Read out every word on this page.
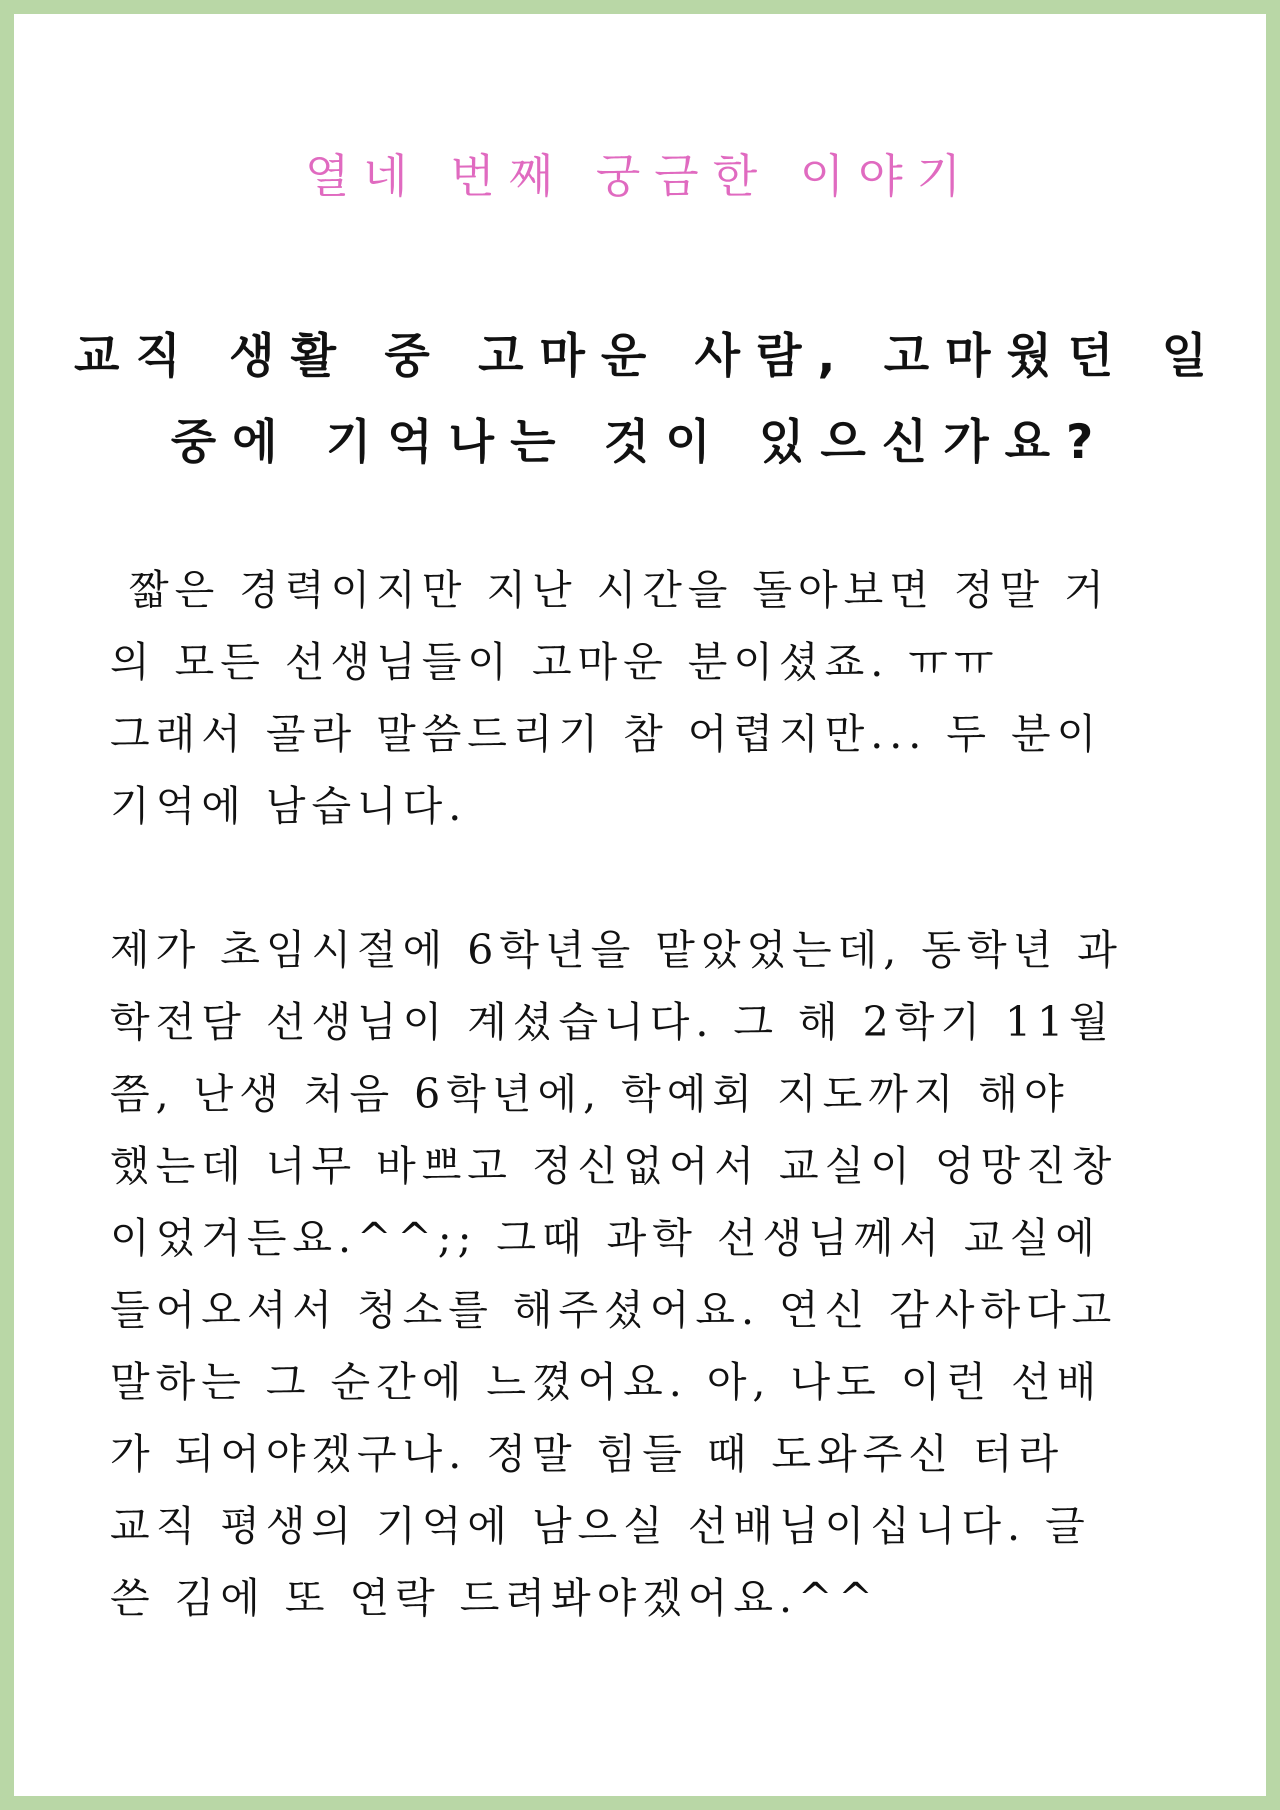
열네 번째 궁금한 이야기
교직 생활 중 고마운 사람, 고마웠던 일
중에 기억나는 것이 있으신가요?
짧은 경력이지만 지난 시간을 돌아보면 정말 거
의 모든 선생님들이 고마운 분이셨죠. ㅠㅠ
그래서 골라 말씀드리기 참 어렵지만... 두 분이
기억에 남습니다.
제가 초임시절에 6학년을 맡았었는데, 동학년 과
학전담 선생님이 계셨습니다. 그 해 2학기 11월
쯤, 난생 처음 6학년에, 학예회 지도까지 해야
했는데 너무 바쁘고 정신없어서 교실이 엉망진창
이었거든요.^^;; 그때 과학 선생님께서 교실에
들어오셔서 청소를 해주셨어요. 연신 감사하다고
말하는 그 순간에 느꼈어요. 아, 나도 이런 선배
가 되어야겠구나. 정말 힘들 때 도와주신 터라
교직 평생의 기억에 남으실 선배님이십니다. 글
쓴 김에 또 연락 드려봐야겠어요.^^
